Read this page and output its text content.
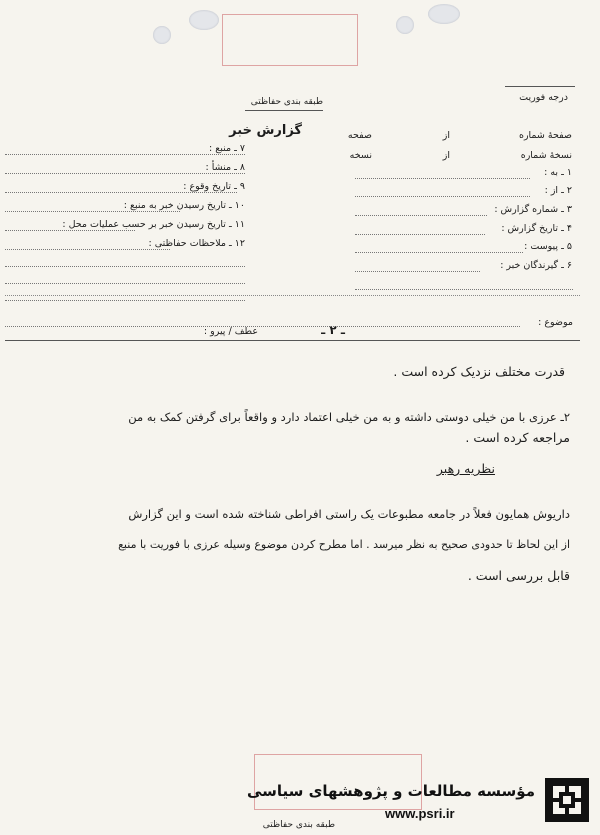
درجه فوریت
طبقه بندی حفاظتی
گزارش خبر
۷ ـ منبع :
۸ ـ منشأ :
۹ ـ تاریخ وقوع :
۱۰ ـ تاریخ رسیدن خبر به منبع :
۱۱ ـ تاریخ رسیدن خبر بر حسب عملیات محل :
۱۲ ـ ملاحظات حفاظتی :
صفحهٔ شماره
از
صفحه
نسخهٔ شماره
از
نسخه
۱ ـ به :
۲ ـ از :
۳ ـ شماره گزارش :
۴ ـ تاریخ گزارش :
۵ ـ پیوست :
۶ ـ گیرندگان خبر :
موضوع :
عطف / پیرو :	ـ ۲ ـ
قدرت مختلف نزدیک کرده است .
۲ـ عرزی با من خیلی دوستی داشته و به من خیلی اعتماد دارد و واقعاً برای گرفتن کمک به من
مراجعه کرده است .
نظریه رهبر
داریوش همایون فعلاً در جامعه مطبوعات یک راستی افراطی شناخته شده است و این گزارش
از این لحاظ تا حدودی صحیح به نظر میرسد . اما مطرح کردن موضوع وسیله عرزی با فوریت با منبع
قابل بررسی است .
مؤسسه مطالعات و پژوهشهای سیاسی
www.psri.ir
طبقه بندی حفاظتی
